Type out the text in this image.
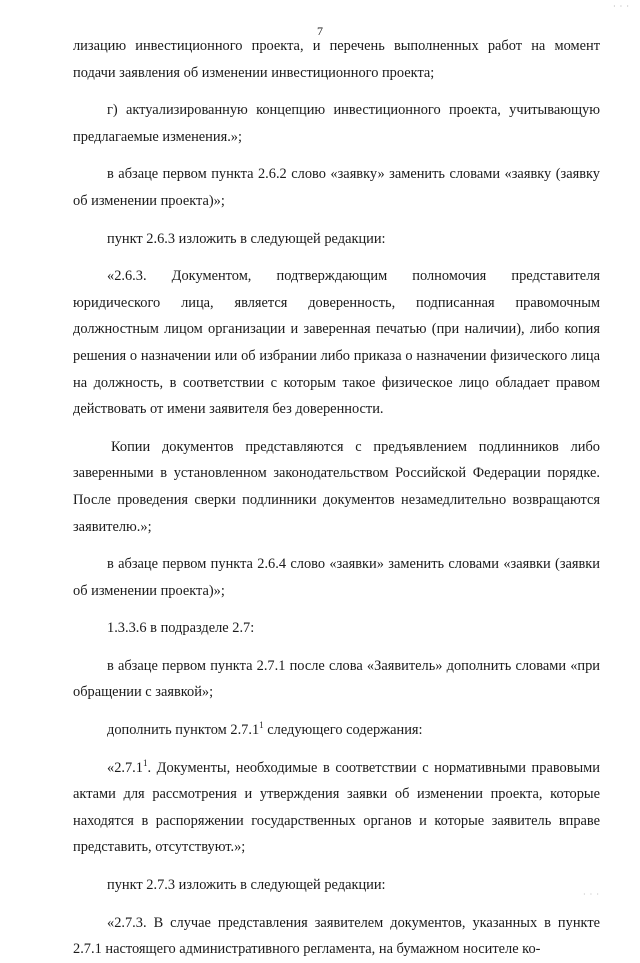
· · ·
7

лизацию инвестиционного проекта, и перечень выполненных работ на момент подачи заявления об изменении инвестиционного проекта;

г) актуализированную концепцию инвестиционного проекта, учитывающую предлагаемые изменения.»;

в абзаце первом пункта 2.6.2 слово «заявку» заменить словами «заявку (заявку об изменении проекта)»;

пункт 2.6.3 изложить в следующей редакции:

«2.6.3. Документом, подтверждающим полномочия представителя юридического лица, является доверенность, подписанная правомочным должностным лицом организации и заверенная печатью (при наличии), либо копия решения о назначении или об избрании либо приказа о назначении физического лица на должность, в соответствии с которым такое физическое лицо обладает правом действовать от имени заявителя без доверенности.

Копии документов представляются с предъявлением подлинников либо заверенными в установленном законодательством Российской Федерации порядке. После проведения сверки подлинники документов незамедлительно возвращаются заявителю.»;

в абзаце первом пункта 2.6.4 слово «заявки» заменить словами «заявки (заявки об изменении проекта)»;

1.3.3.6 в подразделе 2.7:

в абзаце первом пункта 2.7.1 после слова «Заявитель» дополнить словами «при обращении с заявкой»;

дополнить пунктом 2.7.1$^1$ следующего содержания:

«2.7.1$^1$. Документы, необходимые в соответствии с нормативными правовыми актами для рассмотрения и утверждения заявки об изменении проекта, которые находятся в распоряжении государственных органов и которые заявитель вправе представить, отсутствуют.»;

пункт 2.7.3 изложить в следующей редакции:

«2.7.3. В случае представления заявителем документов, указанных в пункте 2.7.1 настоящего административного регламента, на бумажном носителе ко-

· · ·
